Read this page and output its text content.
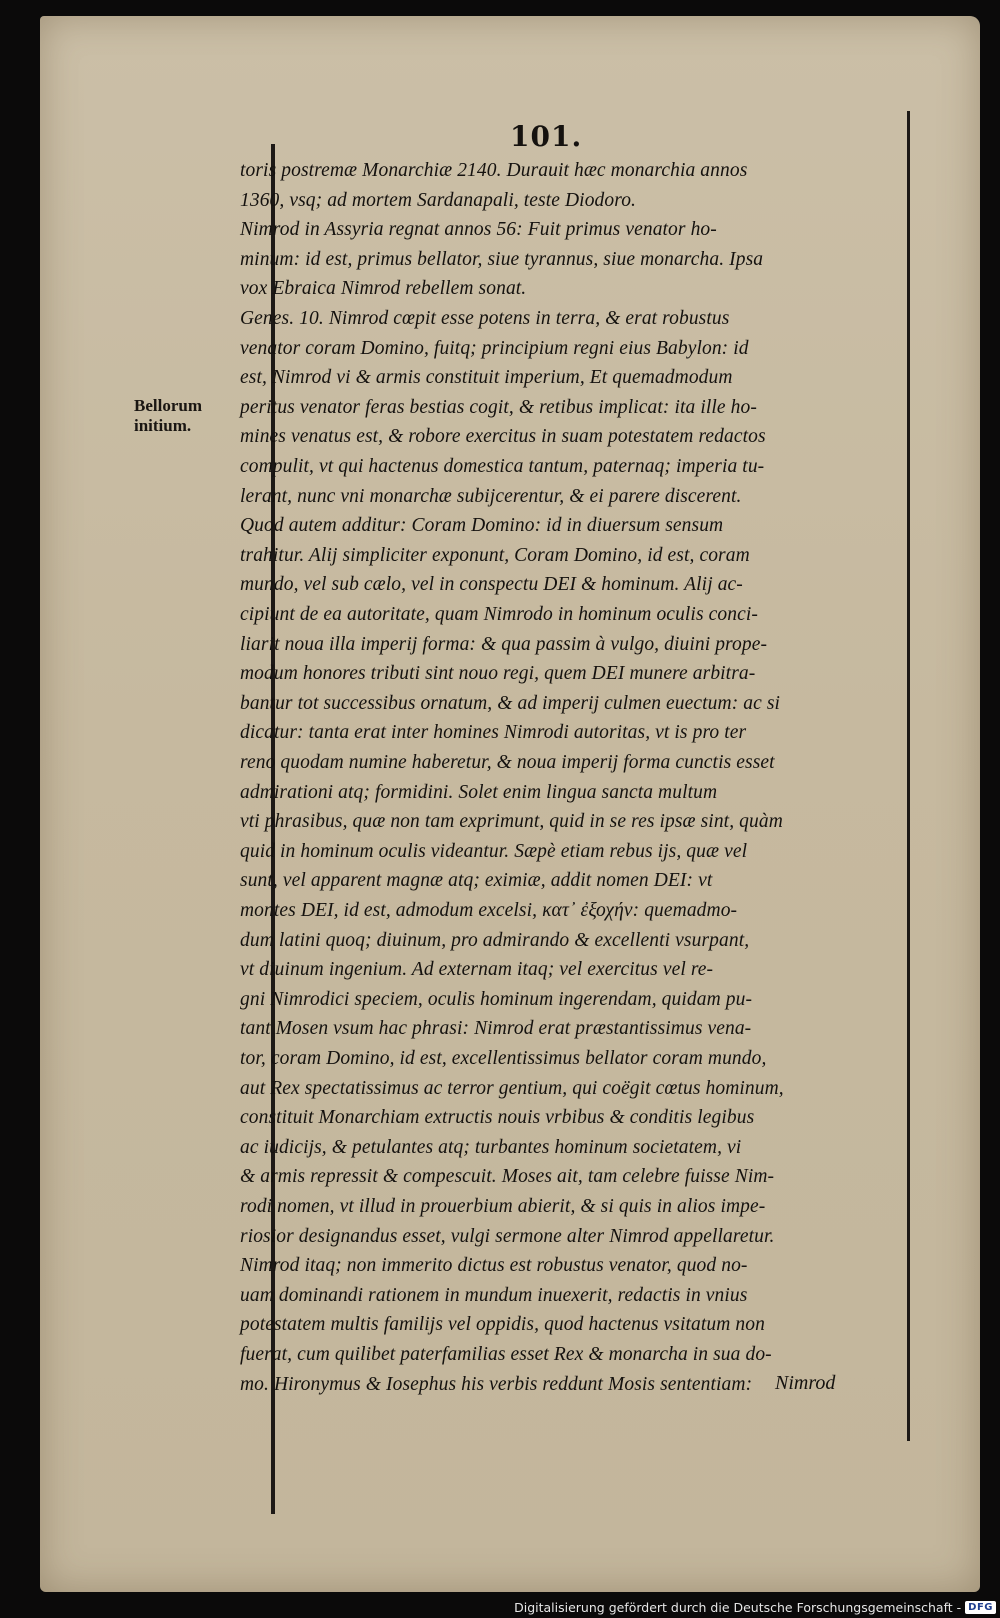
101.
Bellorum
initium.
toris postremæ Monarchiæ 2140. Durauit hæc monarchia annos
1360, vsq; ad mortem Sardanapali, teste Diodoro.
Nimrod in Assyria regnat annos 56: Fuit primus venator ho-
minum: id est, primus bellator, siue tyrannus, siue monarcha. Ipsa
vox Ebraica Nimrod rebellem sonat.
Genes. 10. Nimrod cœpit esse potens in terra, & erat robustus
venator coram Domino, fuitq; principium regni eius Babylon: id
est, Nimrod vi & armis constituit imperium, Et quemadmodum
peritus venator feras bestias cogit, & retibus implicat: ita ille ho-
mines venatus est, & robore exercitus in suam potestatem redactos
compulit, vt qui hactenus domestica tantum, paternaq; imperia tu-
lerant, nunc vni monarchæ subijcerentur, & ei parere discerent.
Quod autem additur: Coram Domino: id in diuersum sensum
trahitur. Alij simpliciter exponunt, Coram Domino, id est, coram
mundo, vel sub cælo, vel in conspectu DEI & hominum. Alij ac-
cipiunt de ea autoritate, quam Nimrodo in hominum oculis conci-
liarit noua illa imperij forma: & qua passim à vulgo, diuini prope-
modum honores tributi sint nouo regi, quem DEI munere arbitra-
bantur tot successibus ornatum, & ad imperij culmen euectum: ac si
dicatur: tanta erat inter homines Nimrodi autoritas, vt is pro ter
reno quodam numine haberetur, & noua imperij forma cunctis esset
admirationi atq; formidini. Solet enim lingua sancta multum
vti phrasibus, quæ non tam exprimunt, quid in se res ipsæ sint, quàm
quid in hominum oculis videantur. Sæpè etiam rebus ijs, quæ vel
sunt, vel apparent magnæ atq; eximiæ, addit nomen DEI: vt
montes DEI, id est, admodum excelsi, κατ᾽ ἐξοχήν: quemadmo-
dum latini quoq; diuinum, pro admirando & excellenti vsurpant,
vt diuinum ingenium. Ad externam itaq; vel exercitus vel re-
gni Nimrodici speciem, oculis hominum ingerendam, quidam pu-
tant Mosen vsum hac phrasi: Nimrod erat præstantissimus vena-
tor, coram Domino, id est, excellentissimus bellator coram mundo,
aut Rex spectatissimus ac terror gentium, qui coëgit cœtus hominum,
constituit Monarchiam extructis nouis vrbibus & conditis legibus
ac iudicijs, & petulantes atq; turbantes hominum societatem, vi
& armis repressit & compescuit. Moses ait, tam celebre fuisse Nim-
rodi nomen, vt illud in prouerbium abierit, & si quis in alios impe-
riosior designandus esset, vulgi sermone alter Nimrod appellaretur.
Nimrod itaq; non immerito dictus est robustus venator, quod no-
uam dominandi rationem in mundum inuexerit, redactis in vnius
potestatem multis familijs vel oppidis, quod hactenus vsitatum non
fuerat, cum quilibet paterfamilias esset Rex & monarcha in sua do-
mo. Hironymus & Iosephus his verbis reddunt Mosis sententiam: Nimrod
Digitalisierung gefördert durch die Deutsche Forschungsgemeinschaft - DFG
